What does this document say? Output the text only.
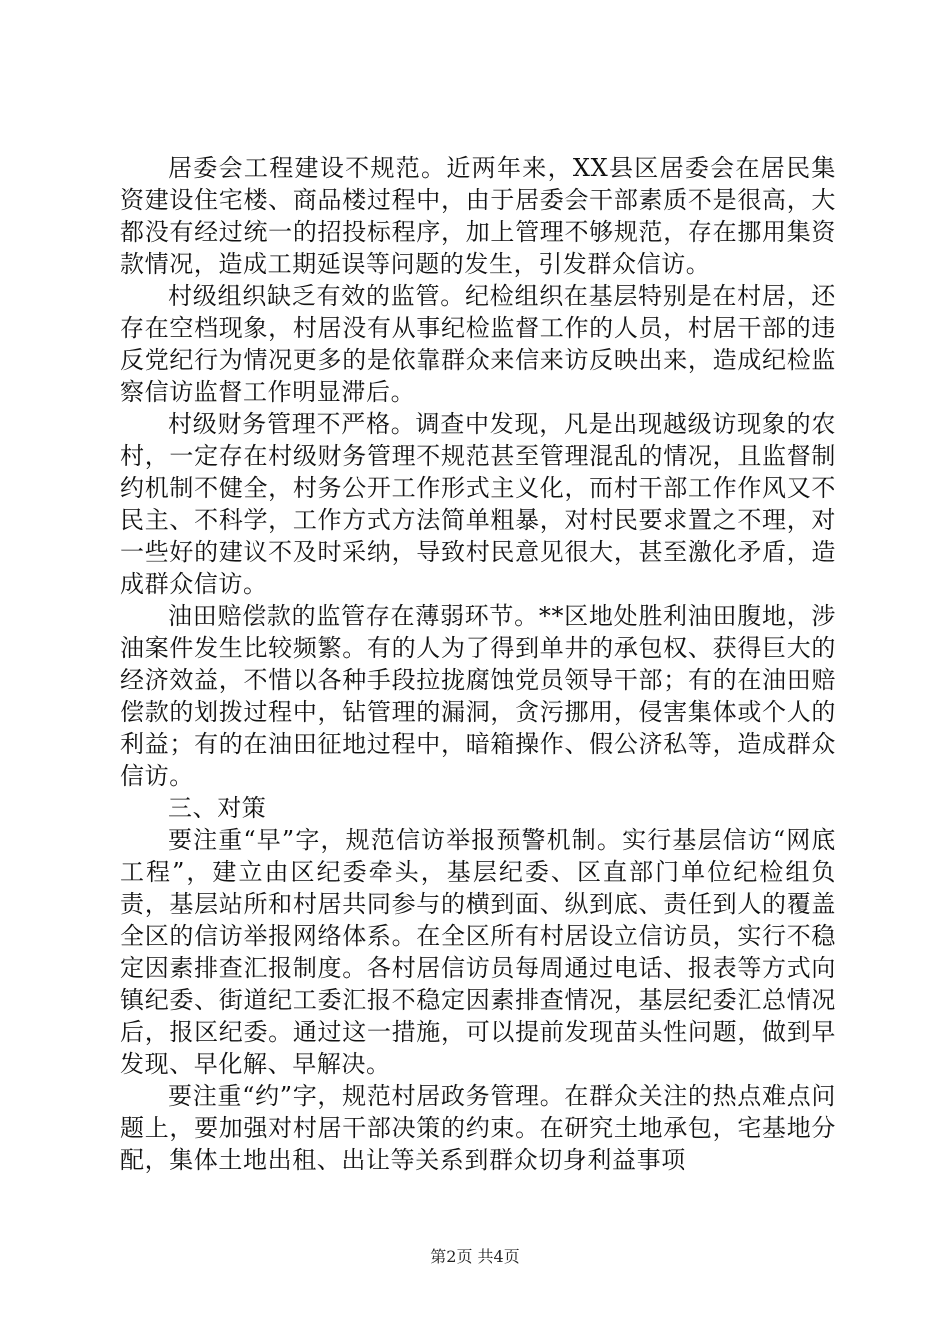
居委会工程建设不规范。近两年来，XX县区居委会在居民集资建设住宅楼、商品楼过程中，由于居委会干部素质不是很高，大都没有经过统一的招投标程序，加上管理不够规范，存在挪用集资款情况，造成工期延误等问题的发生，引发群众信访。

村级组织缺乏有效的监管。纪检组织在基层特别是在村居，还存在空档现象，村居没有从事纪检监督工作的人员，村居干部的违反党纪行为情况更多的是依靠群众来信来访反映出来，造成纪检监察信访监督工作明显滞后。

村级财务管理不严格。调查中发现，凡是出现越级访现象的农村，一定存在村级财务管理不规范甚至管理混乱的情况，且监督制约机制不健全，村务公开工作形式主义化，而村干部工作作风又不民主、不科学，工作方式方法简单粗暴，对村民要求置之不理，对一些好的建议不及时采纳，导致村民意见很大，甚至激化矛盾，造成群众信访。

油田赔偿款的监管存在薄弱环节。**区地处胜利油田腹地，涉油案件发生比较频繁。有的人为了得到单井的承包权、获得巨大的经济效益，不惜以各种手段拉拢腐蚀党员领导干部；有的在油田赔偿款的划拨过程中，钻管理的漏洞，贪污挪用，侵害集体或个人的利益；有的在油田征地过程中，暗箱操作、假公济私等，造成群众信访。

三、对策

要注重“早”字，规范信访举报预警机制。实行基层信访“网底工程”，建立由区纪委牵头，基层纪委、区直部门单位纪检组负责，基层站所和村居共同参与的横到面、纵到底、责任到人的覆盖全区的信访举报网络体系。在全区所有村居设立信访员，实行不稳定因素排查汇报制度。各村居信访员每周通过电话、报表等方式向镇纪委、街道纪工委汇报不稳定因素排查情况，基层纪委汇总情况后，报区纪委。通过这一措施，可以提前发现苗头性问题，做到早发现、早化解、早解决。

要注重“约”字，规范村居政务管理。在群众关注的热点难点问题上，要加强对村居干部决策的约束。在研究土地承包，宅基地分配，集体土地出租、出让等关系到群众切身利益事项

第2页 共4页
